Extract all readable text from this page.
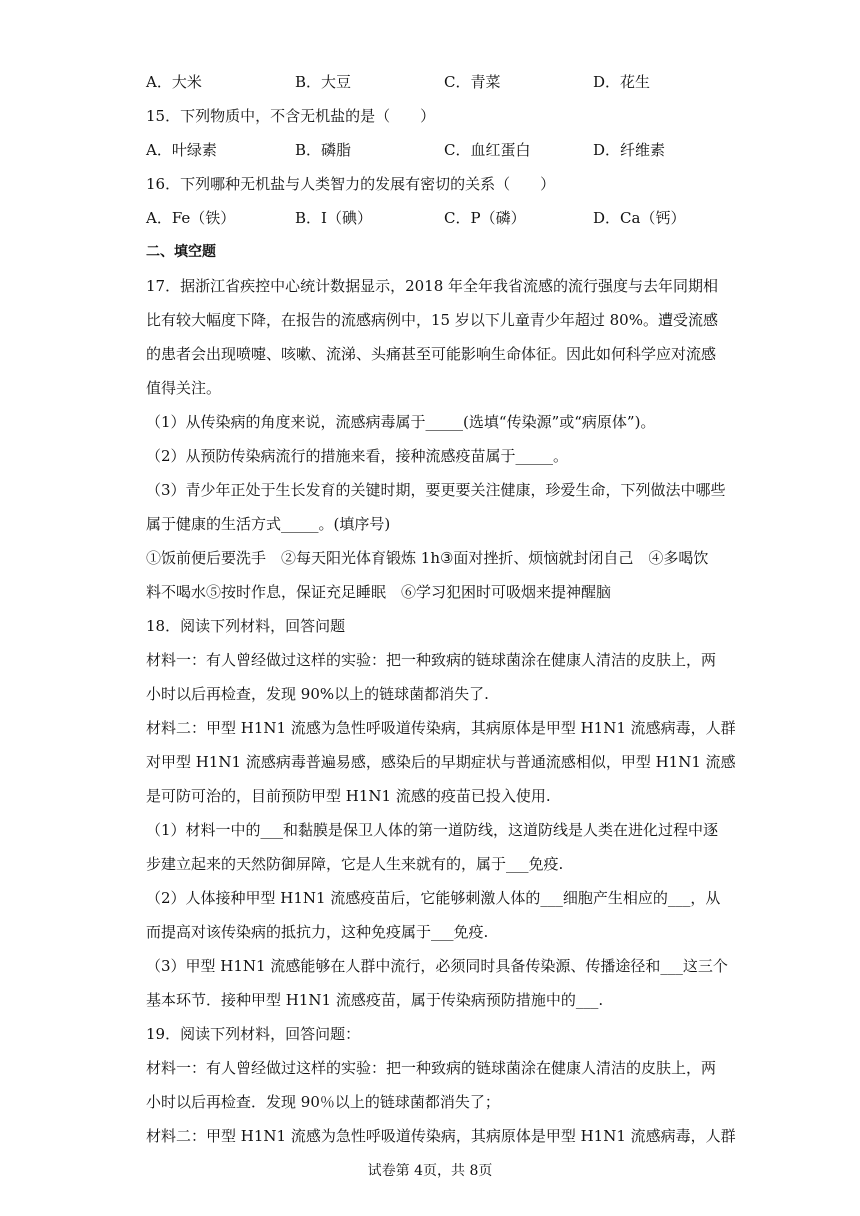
A．大米	B．大豆	C．青菜	D．花生
15．下列物质中，不含无机盐的是（　　）
A．叶绿素	B．磷脂	C．血红蛋白	D．纤维素
16．下列哪种无机盐与人类智力的发展有密切的关系（　　）
A．Fe（铁）	B．I（碘）	C．P（磷）	D．Ca（钙）
二、填空题
17．据浙江省疾控中心统计数据显示，2018 年全年我省流感的流行强度与去年同期相
比有较大幅度下降，在报告的流感病例中，15 岁以下儿童青少年超过 80%。遭受流感
的患者会出现喷嚏、咳嗽、流涕、头痛甚至可能影响生命体征。因此如何科学应对流感
值得关注。
（1）从传染病的角度来说，流感病毒属于_____(选填“传染源”或“病原体”)。
（2）从预防传染病流行的措施来看，接种流感疫苗属于_____。
（3）青少年正处于生长发育的关键时期，要更要关注健康，珍爱生命，下列做法中哪些
属于健康的生活方式_____。(填序号)
①饭前便后要洗手　②每天阳光体育锻炼 1h③面对挫折、烦恼就封闭自己　④多喝饮
料不喝水⑤按时作息，保证充足睡眠　⑥学习犯困时可吸烟来提神醒脑
18．阅读下列材料，回答问题
材料一：有人曾经做过这样的实验：把一种致病的链球菌涂在健康人清洁的皮肤上，两
小时以后再检查，发现 90%以上的链球菌都消失了.
材料二：甲型 H1N1 流感为急性呼吸道传染病，其病原体是甲型 H1N1 流感病毒，人群
对甲型 H1N1 流感病毒普遍易感，感染后的早期症状与普通流感相似，甲型 H1N1 流感
是可防可治的，目前预防甲型 H1N1 流感的疫苗已投入使用.
（1）材料一中的___和黏膜是保卫人体的第一道防线，这道防线是人类在进化过程中逐
步建立起来的天然防御屏障，它是人生来就有的，属于___免疫.
（2）人体接种甲型 H1N1 流感疫苗后，它能够刺激人体的___细胞产生相应的___，从
而提高对该传染病的抵抗力，这种免疫属于___免疫.
（3）甲型 H1N1 流感能够在人群中流行，必须同时具备传染源、传播途径和___这三个
基本环节．接种甲型 H1N1 流感疫苗，属于传染病预防措施中的___.
19．阅读下列材料，回答问题：
材料一：有人曾经做过这样的实验：把一种致病的链球菌涂在健康人清洁的皮肤上，两
小时以后再检查．发现 90％以上的链球菌都消失了；
材料二：甲型 H1N1 流感为急性呼吸道传染病，其病原体是甲型 H1N1 流感病毒，人群
试卷第 4页，共 8页
